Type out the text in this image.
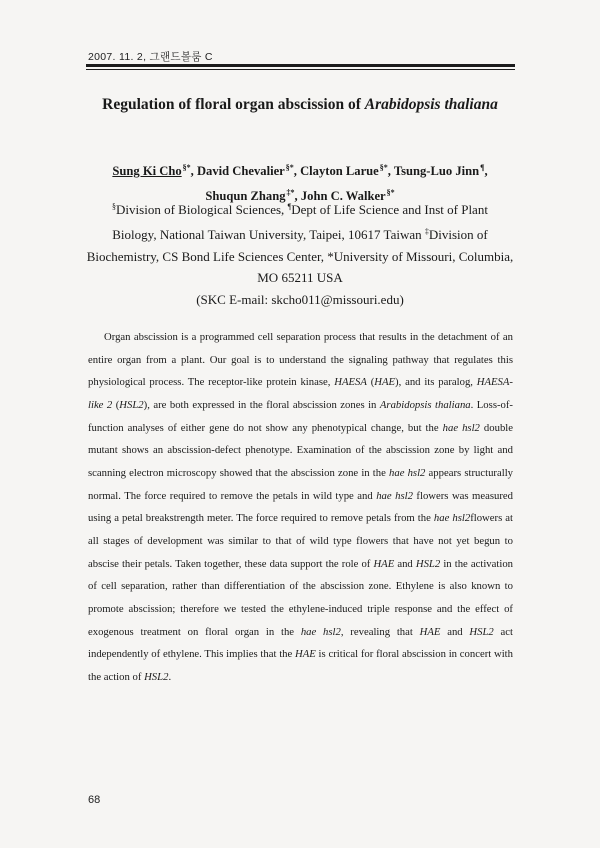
2007. 11. 2, 그랜드볼룸 C
Regulation of floral organ abscission of Arabidopsis thaliana
Sung Ki Cho§*, David Chevalier§*, Clayton Larue§*, Tsung-Luo Jinn¶,
Shuqun Zhang‡*, John C. Walker§*
§Division of Biological Sciences, ¶Dept of Life Science and Inst of Plant
Biology, National Taiwan University, Taipei, 10617 Taiwan ‡Division of
Biochemistry, CS Bond Life Sciences Center, *University of Missouri, Columbia,
MO 65211 USA
(SKC E-mail: skcho011@missouri.edu)
Organ abscission is a programmed cell separation process that results in the detachment of an entire organ from a plant. Our goal is to understand the signaling pathway that regulates this physiological process. The receptor-like protein kinase, HAESA (HAE), and its paralog, HAESA-like 2 (HSL2), are both expressed in the floral abscission zones in Arabidopsis thaliana. Loss-of-function analyses of either gene do not show any phenotypical change, but the hae hsl2 double mutant shows an abscission-defect phenotype. Examination of the abscission zone by light and scanning electron microscopy showed that the abscission zone in the hae hsl2 appears structurally normal. The force required to remove the petals in wild type and hae hsl2 flowers was measured using a petal breakstrength meter. The force required to remove petals from the hae hsl2flowers at all stages of development was similar to that of wild type flowers that have not yet begun to abscise their petals. Taken together, these data support the role of HAE and HSL2 in the activation of cell separation, rather than differentiation of the abscission zone. Ethylene is also known to promote abscission; therefore we tested the ethylene-induced triple response and the effect of exogenous treatment on floral organ in the hae hsl2, revealing that HAE and HSL2 act independently of ethylene. This implies that the HAE is critical for floral abscission in concert with the action of HSL2.
68
